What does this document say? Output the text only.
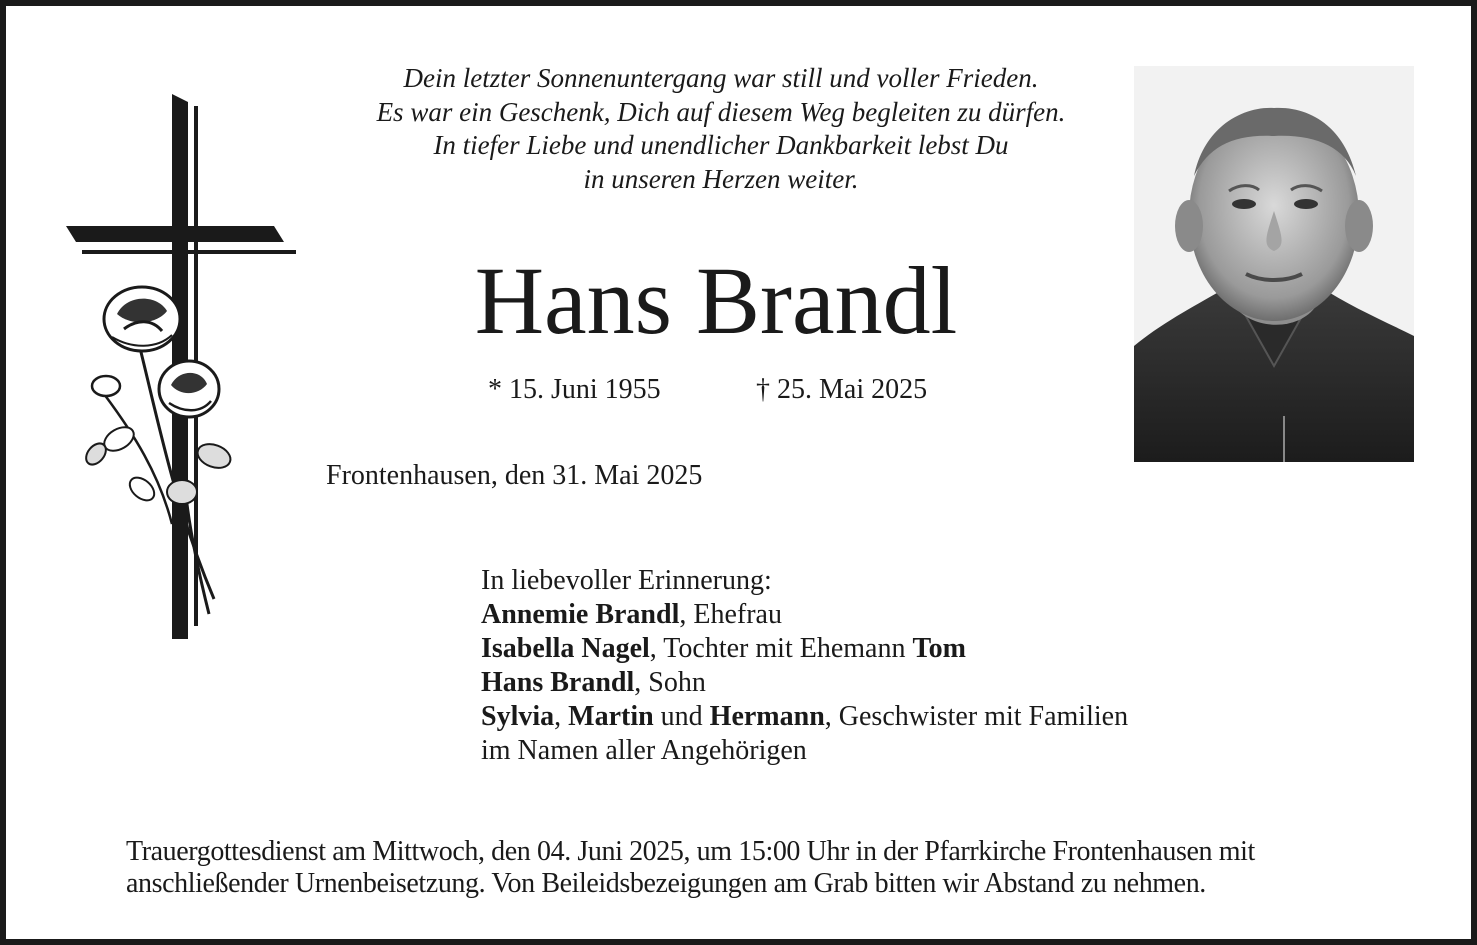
Dein letzter Sonnenuntergang war still und voller Frieden.
Es war ein Geschenk, Dich auf diesem Weg begleiten zu dürfen.
In tiefer Liebe und unendlicher Dankbarkeit lebst Du
in unseren Herzen weiter.
Hans Brandl
* 15. Juni 1955	† 25. Mai 2025
Frontenhausen, den 31. Mai 2025
In liebevoller Erinnerung:
Annemie Brandl, Ehefrau
Isabella Nagel, Tochter mit Ehemann Tom
Hans Brandl, Sohn
Sylvia, Martin und Hermann, Geschwister mit Familien
im Namen aller Angehörigen
Trauergottesdienst am Mittwoch, den 04. Juni 2025, um 15:00 Uhr in der Pfarrkirche Frontenhausen mit
anschließender Urnenbeisetzung. Von Beileidsbezeigungen am Grab bitten wir Abstand zu nehmen.
